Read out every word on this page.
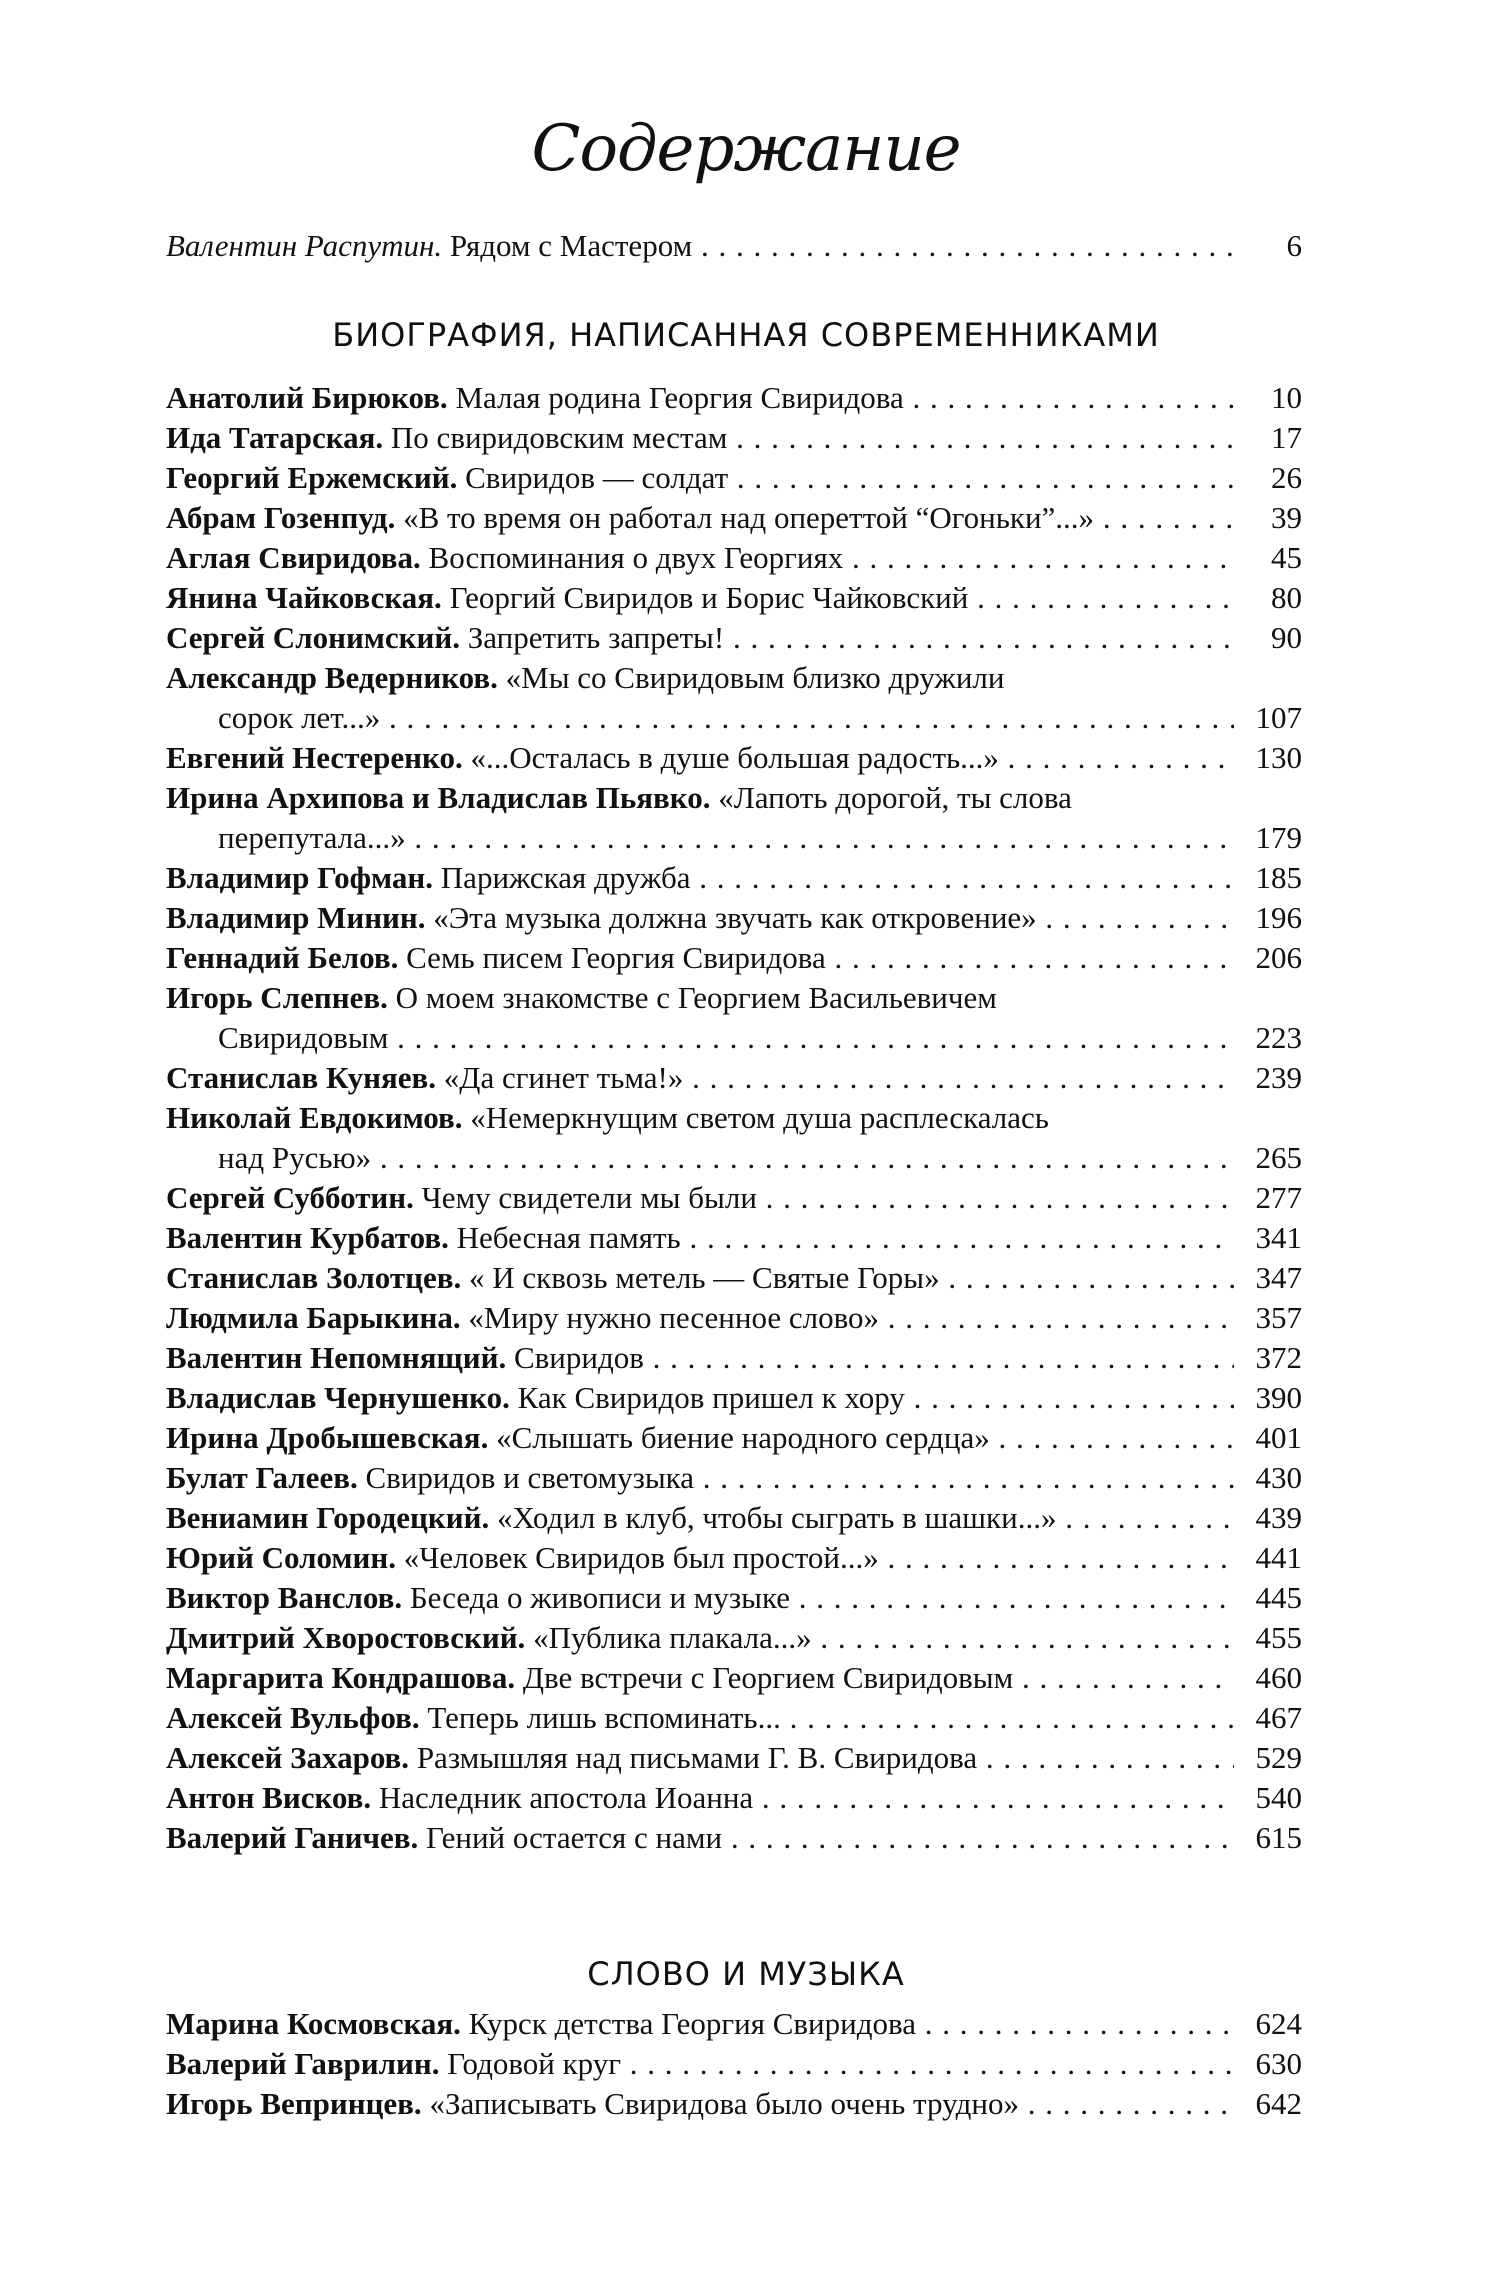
Содержание
Валентин Распутин. Рядом с Мастером . . .	6
БИОГРАФИЯ, НАПИСАННАЯ СОВРЕМЕННИКАМИ
Анатолий Бирюков. Малая родина Георгия Свиридова . . .	10
Ида Татарская. По свиридовским местам . . .	17
Георгий Ержемский. Свиридов — солдат . . .	26
Абрам Гозенпуд. «В то время он работал над опереттой “Огоньки”...» . . .	39
Аглая Свиридова. Воспоминания о двух Георгиях . . .	45
Янина Чайковская. Георгий Свиридов и Борис Чайковский . . .	80
Сергей Слонимский. Запретить запреты! . . .	90
Александр Ведерников. «Мы со Свиридовым близко дружили
сорок лет...» . . .	107
Евгений Нестеренко. «...Осталась в душе большая радость...» . . .	130
Ирина Архипова и Владислав Пьявко. «Лапоть дорогой, ты слова
перепутала...» . . .	179
Владимир Гофман. Парижская дружба . . .	185
Владимир Минин. «Эта музыка должна звучать как откровение» . . .	196
Геннадий Белов. Семь писем Георгия Свиридова . . .	206
Игорь Слепнев. О моем знакомстве с Георгием Васильевичем
Свиридовым . . .	223
Станислав Куняев. «Да сгинет тьма!» . . .	239
Николай Евдокимов. «Немеркнущим светом душа расплескалась
над Русью» . . .	265
Сергей Субботин. Чему свидетели мы были . . .	277
Валентин Курбатов. Небесная память . . .	341
Станислав Золотцев. « И сквозь метель — Святые Горы» . . .	347
Людмила Барыкина. «Миру нужно песенное слово» . . .	357
Валентин Непомнящий. Свиридов . . .	372
Владислав Чернушенко. Как Свиридов пришел к хору . . .	390
Ирина Дробышевская. «Слышать биение народного сердца» . . .	401
Булат Галеев. Свиридов и светомузыка . . .	430
Вениамин Городецкий. «Ходил в клуб, чтобы сыграть в шашки...» . . .	439
Юрий Соломин. «Человек Свиридов был простой...» . . .	441
Виктор Ванслов. Беседа о живописи и музыке . . .	445
Дмитрий Хворостовский. «Публика плакала...» . . .	455
Маргарита Кондрашова. Две встречи с Георгием Свиридовым . . .	460
Алексей Вульфов. Теперь лишь вспоминать... . . .	467
Алексей Захаров. Размышляя над письмами Г. В. Свиридова . . .	529
Антон Висков. Наследник апостола Иоанна . . .	540
Валерий Ганичев. Гений остается с нами . . .	615
СЛОВО И МУЗЫКА
Марина Космовская. Курск детства Георгия Свиридова . . .	624
Валерий Гаврилин. Годовой круг . . .	630
Игорь Вепринцев. «Записывать Свиридова было очень трудно» . . .	642
